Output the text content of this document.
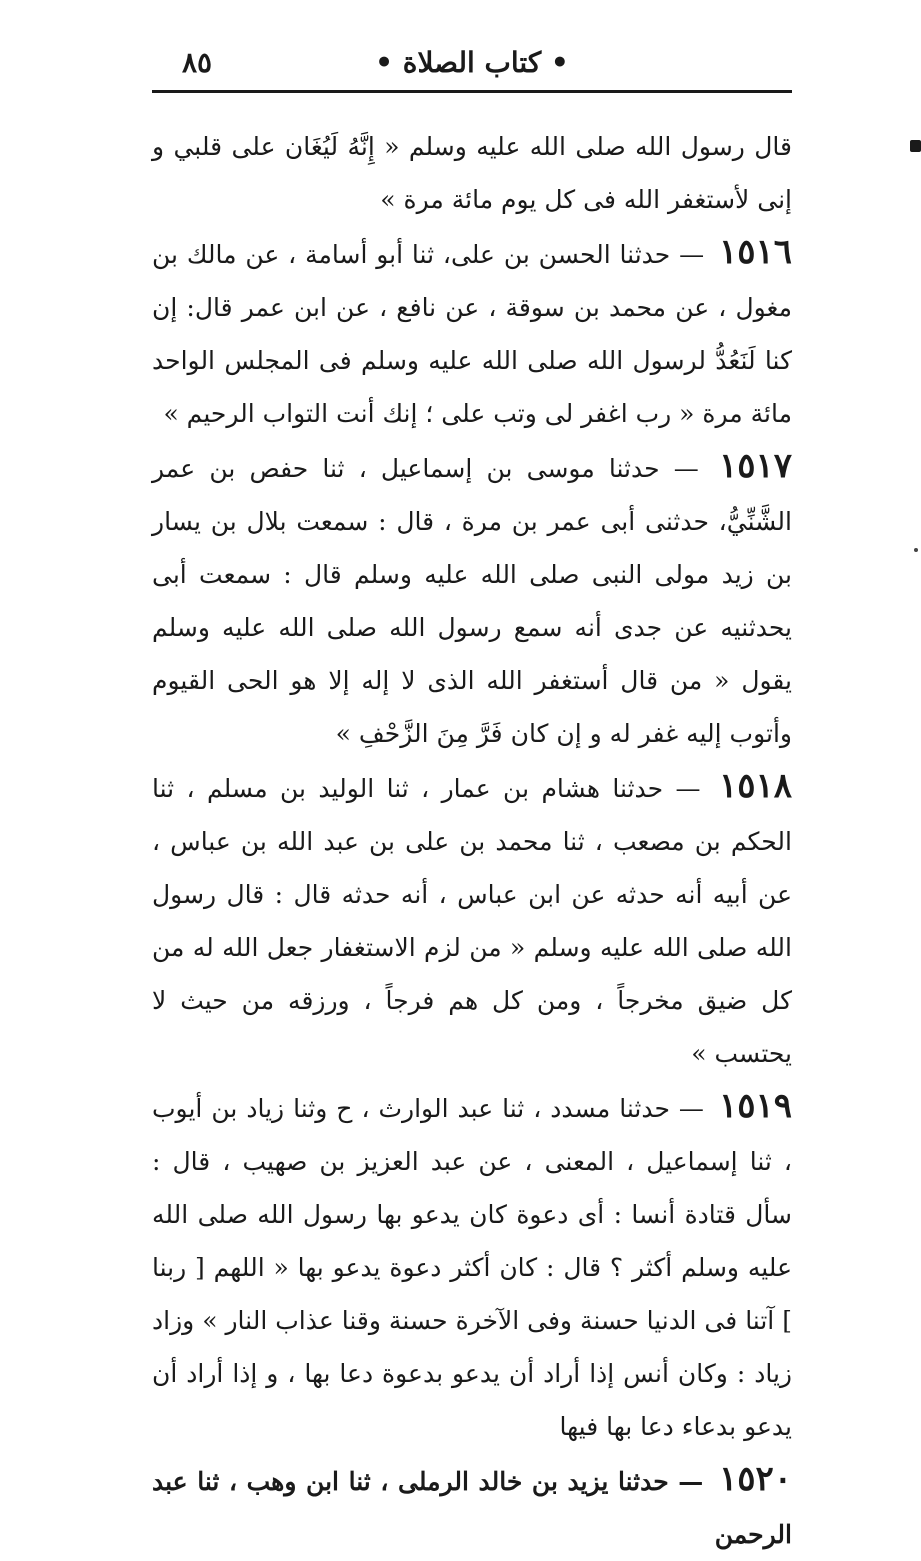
٨٥	• كتاب الصلاة •

قال رسول الله صلى الله عليه وسلم « إِنَّهُ لَيُغَان على قلبي و إنى لأستغفر الله فى كل يوم مائة مرة »

١٥١٦ — حدثنا الحسن بن على، ثنا أبو أسامة ، عن مالك بن مغول ، عن محمد بن سوقة ، عن نافع ، عن ابن عمر قال: إن كنا لَنَعُدُّ لرسول الله صلى الله عليه وسلم فى المجلس الواحد مائة مرة « رب اغفر لى وتب على ؛ إنك أنت التواب الرحيم »

١٥١٧ — حدثنا موسى بن إسماعيل ، ثنا حفص بن عمر الشَّنِّيُّ، حدثنى أبى عمر بن مرة ، قال : سمعت بلال بن يسار بن زيد مولى النبى صلى الله عليه وسلم قال : سمعت أبى يحدثنيه عن جدى أنه سمع رسول الله صلى الله عليه وسلم يقول « من قال أستغفر الله الذى لا إله إلا هو الحى القيوم وأتوب إليه غفر له و إن كان فَرَّ مِنَ الزَّحْفِ »

١٥١٨ — حدثنا هشام بن عمار ، ثنا الوليد بن مسلم ، ثنا الحكم بن مصعب ، ثنا محمد بن على بن عبد الله بن عباس ، عن أبيه أنه حدثه عن ابن عباس ، أنه حدثه قال : قال رسول الله صلى الله عليه وسلم « من لزم الاستغفار جعل الله له من كل ضيق مخرجاً ، ومن كل هم فرجاً ، ورزقه من حيث لا يحتسب »

١٥١٩ — حدثنا مسدد ، ثنا عبد الوارث ، ح وثنا زياد بن أيوب ، ثنا إسماعيل ، المعنى ، عن عبد العزيز بن صهيب ، قال : سأل قتادة أنسا : أى دعوة كان يدعو بها رسول الله صلى الله عليه وسلم أكثر ؟ قال : كان أكثر دعوة يدعو بها « اللهم [ ربنا ] آتنا فى الدنيا حسنة وفى الآخرة حسنة وقنا عذاب النار » وزاد زياد : وكان أنس إذا أراد أن يدعو بدعوة دعا بها ، و إذا أراد أن يدعو بدعاء دعا بها فيها

١٥٢٠ — حدثنا يزيد بن خالد الرملى ، ثنا ابن وهب ، ثنا عبد الرحمن
